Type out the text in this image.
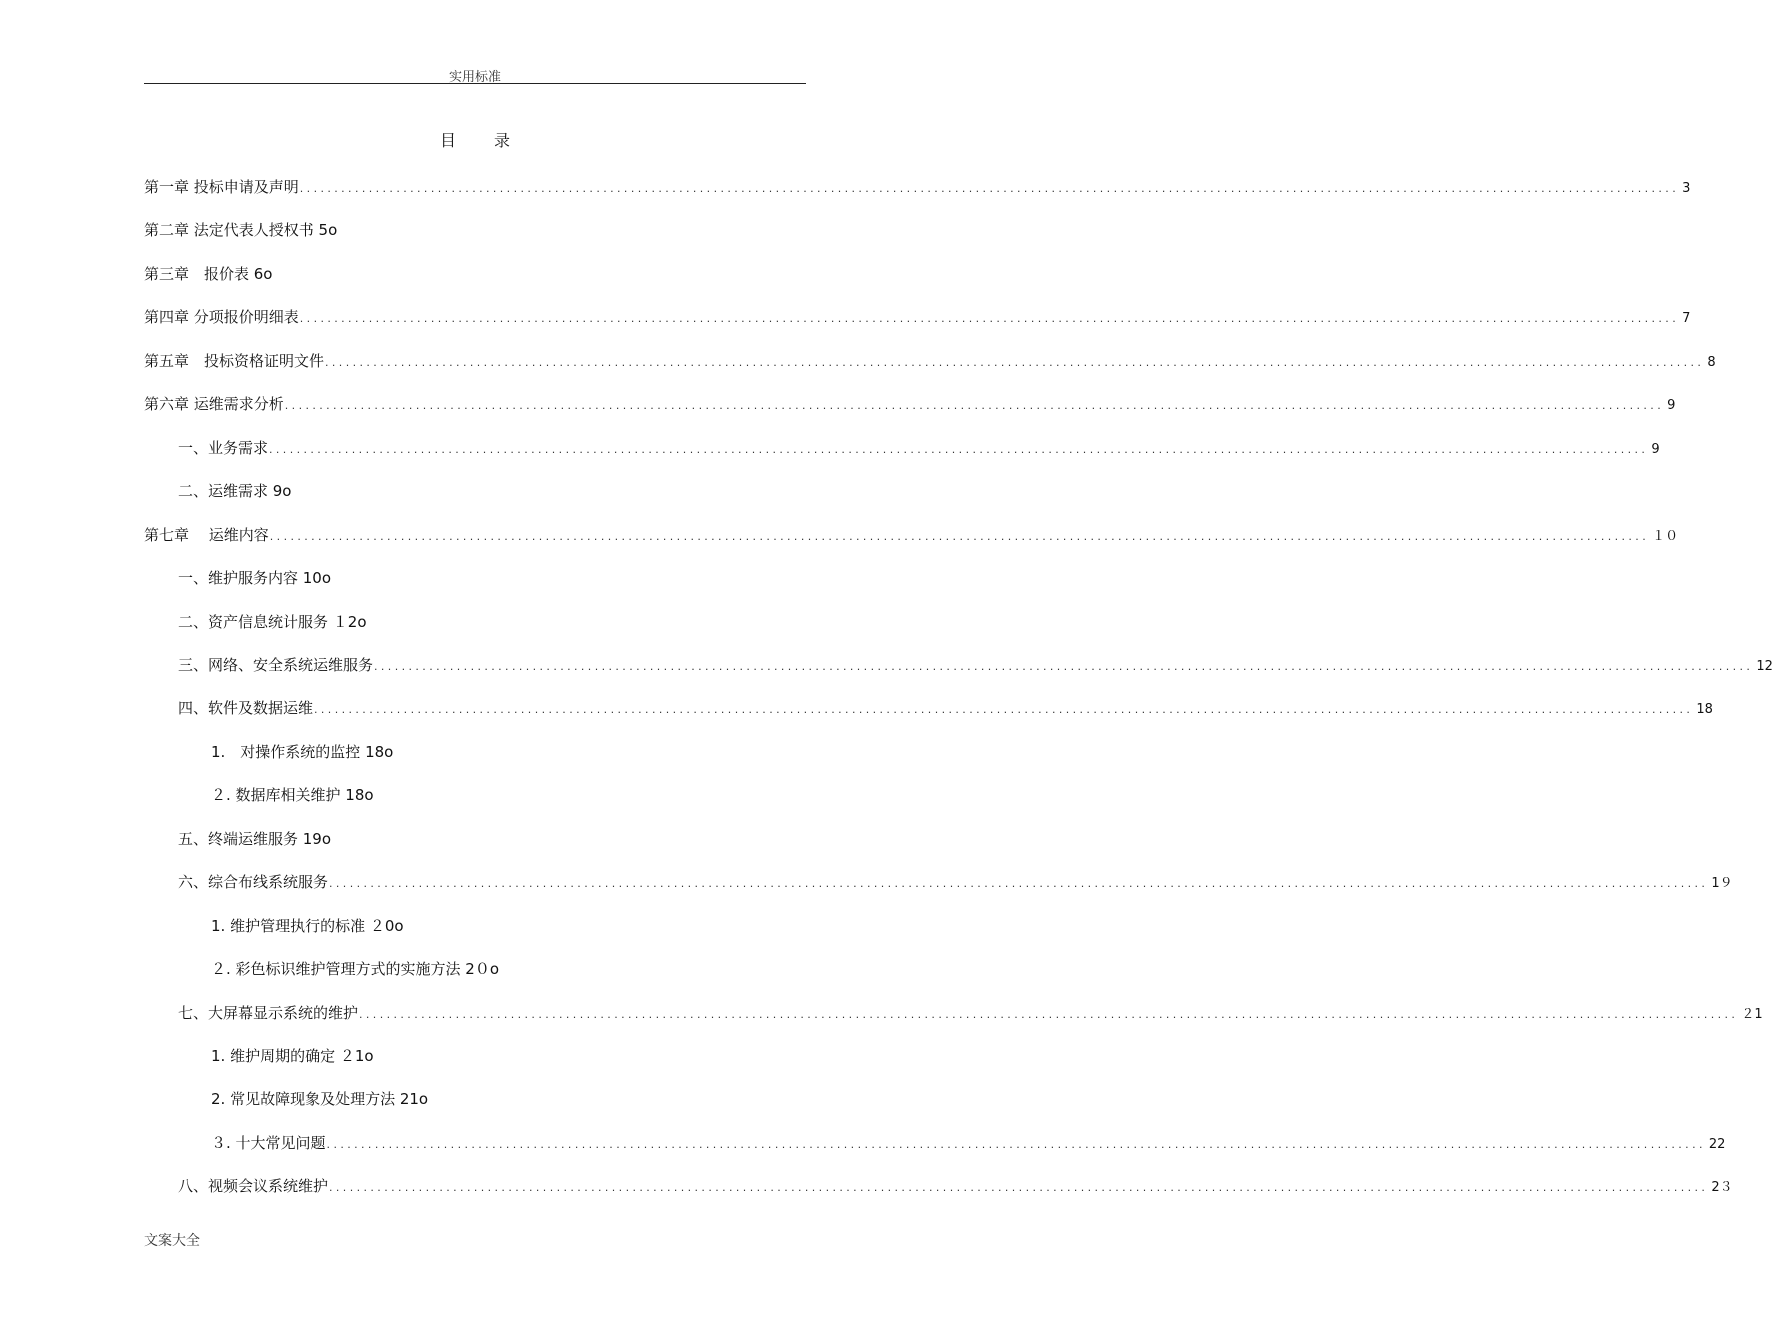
实用标准
目录
第一章 投标申请及声明 ........................................................................................................................................................................................................ 3
第二章 法定代表人授权书 5o
第三章　报价表 6o
第四章 分项报价明细表 ........................................................................................................................................................................................................ 7
第五章　投标资格证明文件 ........................................................................................................................................................................................................ 8
第六章 运维需求分析 ........................................................................................................................................................................................................ 9
一、业务需求 ........................................................................................................................................................................................................ 9
二、运维需求 9o
第七章　 运维内容 ........................................................................................................................................................................................................ １０
一、维护服务内容 10o
二、资产信息统计服务 １2o
三、网络、安全系统运维服务 ........................................................................................................................................................................................................ 12
四、软件及数据运维 ........................................................................................................................................................................................................ 18
1.　对操作系统的监控 18o
２. 数据库相关维护 18o
五、终端运维服务 19o
六、综合布线系统服务 ........................................................................................................................................................................................................ 1９
1. 维护管理执行的标准 ２0o
２. 彩色标识维护管理方式的实施方法 2０o
七、大屏幕显示系统的维护 ........................................................................................................................................................................................................ ２1
1. 维护周期的确定 ２1o
2. 常见故障现象及处理方法 21o
３. 十大常见问题 ........................................................................................................................................................................................................ 22
八、视频会议系统维护 ........................................................................................................................................................................................................ 2３
文案大全
